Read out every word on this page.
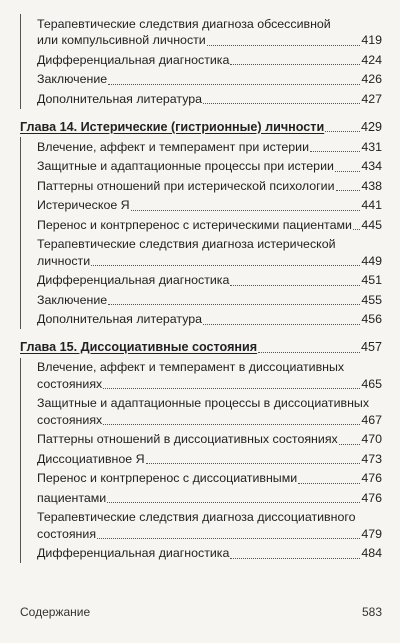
Терапевтические следствия диагноза обсессивной
или компульсивной личности	419
Дифференциальная диагностика	424
Заключение	426
Дополнительная литература	427
Глава 14. Истерические (гистрионные) личности	429
Влечение, аффект и темперамент при истерии	431
Защитные и адаптационные процессы при истерии 434
Паттерны отношений при истерической психологии 438
Истерическое Я	441
Перенос и контрперенос с истерическими пациентами 445
Терапевтические следствия диагноза истерической
личности	449
Дифференциальная диагностика	451
Заключение	455
Дополнительная литература	456
Глава 15. Диссоциативные состояния	457
Влечение, аффект и темперамент в диссоциативных
состояниях	465
Защитные и адаптационные процессы в диссоциативных
состояниях	467
Паттерны отношений в диссоциативных состояниях 470
Диссоциативное Я	473
Перенос и контрперенос с диссоциативными	476
пациентами	476
Терапевтические следствия диагноза диссоциативного
состояния	479
Дифференциальная диагностика	484
Содержание	583
